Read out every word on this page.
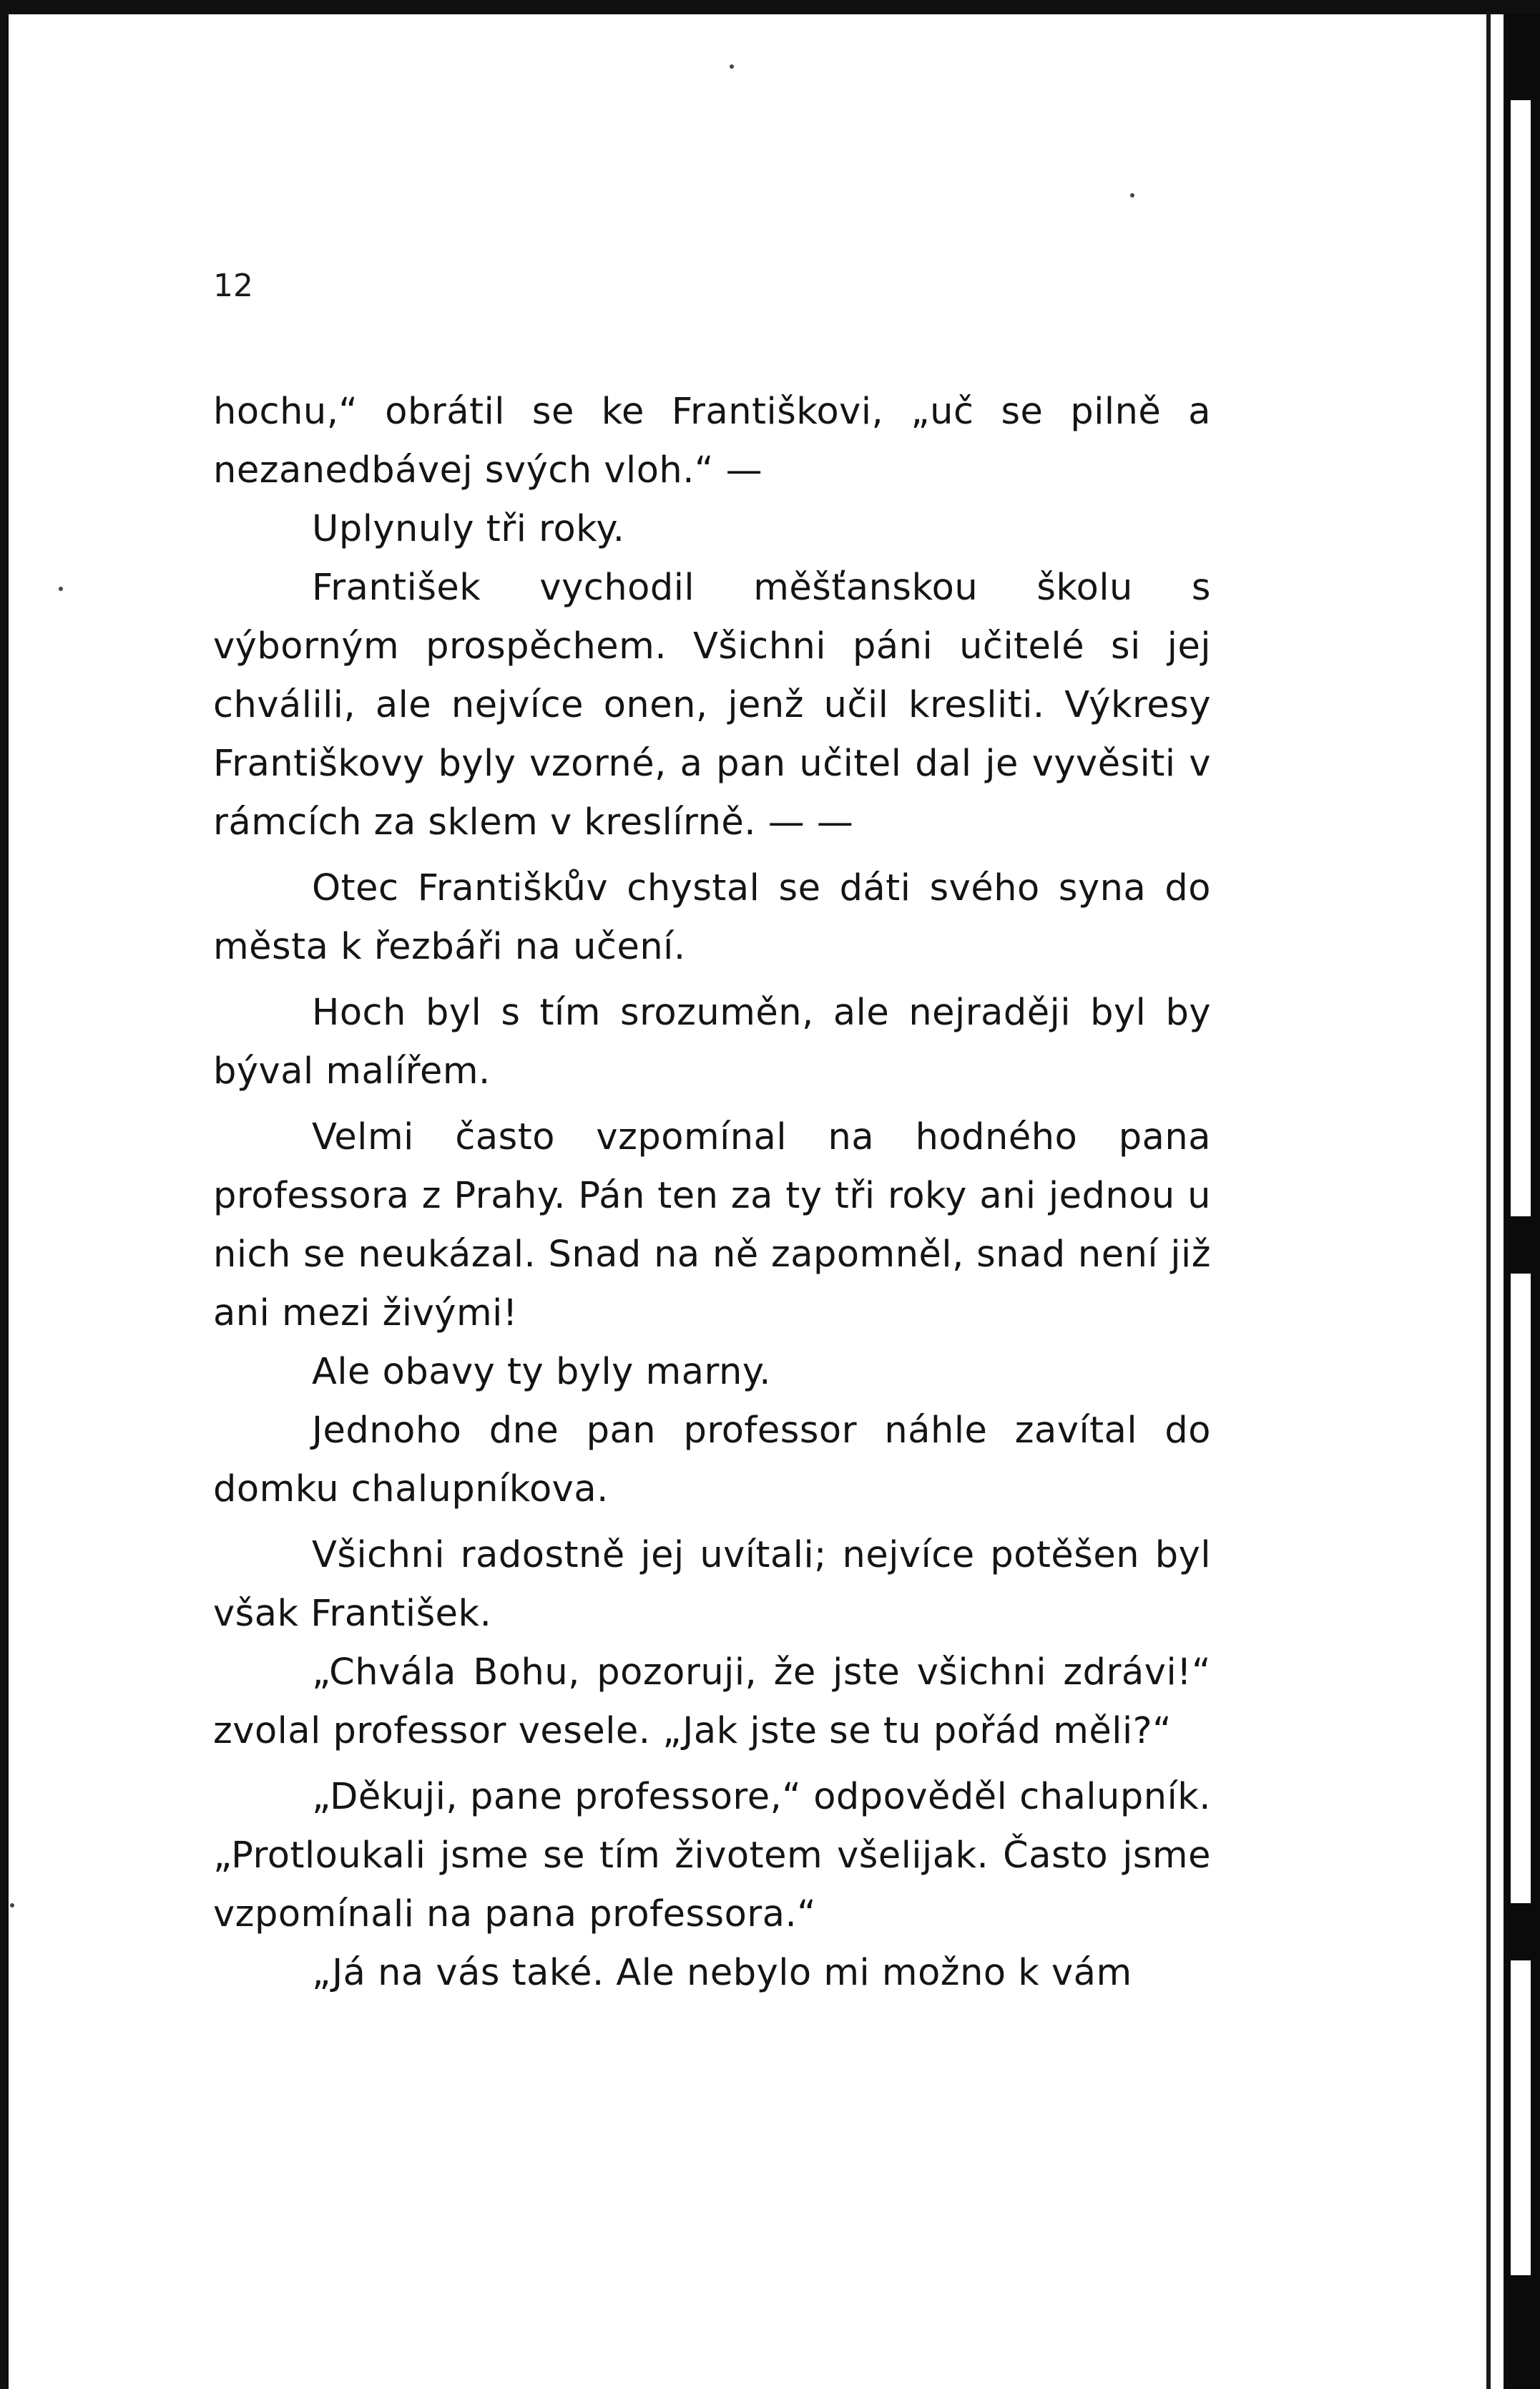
12

hochu,“ obrátil se ke Františkovi, „uč se pilně a nezanedbávej svých vloh.“ —

Uplynuly tři roky.

František vychodil měšťanskou školu s výborným prospěchem. Všichni páni učitelé si jej chválili, ale nejvíce onen, jenž učil kresliti. Výkresy Františkovy byly vzorné, a pan učitel dal je vyvěsiti v rámcích za sklem v kreslírně. — —

Otec Františkův chystal se dáti svého syna do města k řezbáři na učení.

Hoch byl s tím srozuměn, ale nejraději byl by býval malířem.

Velmi často vzpomínal na hodného pana professora z Prahy. Pán ten za ty tři roky ani jednou u nich se neukázal. Snad na ně zapomněl, snad není již ani mezi živými!

Ale obavy ty byly marny.

Jednoho dne pan professor náhle zavítal do domku chalupníkova.

Všichni radostně jej uvítali; nejvíce potěšen byl však František.

„Chvála Bohu, pozoruji, že jste všichni zdrávi!“ zvolal professor vesele. „Jak jste se tu pořád měli?“

„Děkuji, pane professore,“ odpověděl chalupník. „Protloukali jsme se tím životem všelijak. Často jsme vzpomínali na pana professora.“

„Já na vás také. Ale nebylo mi možno k vám
